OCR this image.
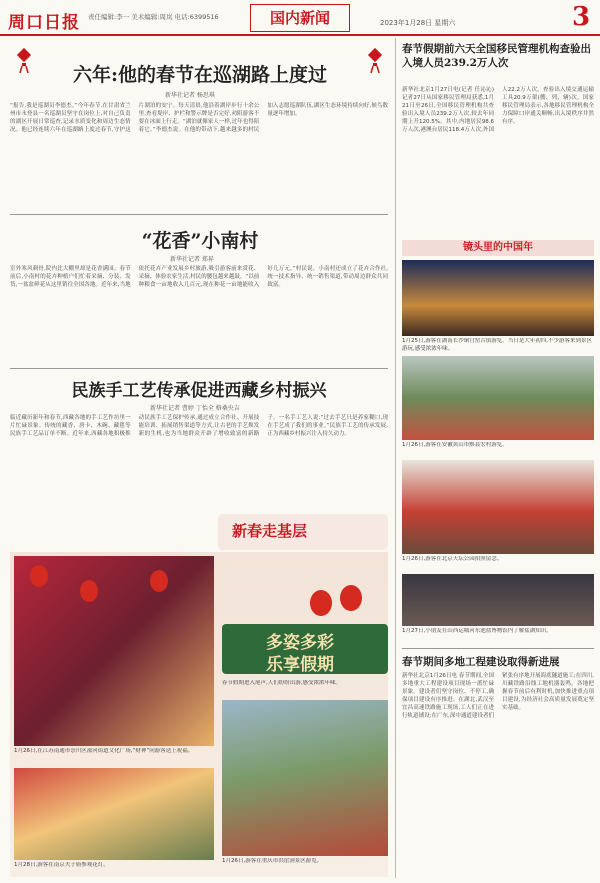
周口日报 责任编辑:李一 美术编辑:周岚 电话:6399516	国内新闻	2023年1月28日 星期六	3
六年:他的春节在巡湖路上度过
新华社记者 杨思琪
“报告,我是巡湖员李德杰。”今年春节,在甘肃省兰州市永登县一名巡湖员坚守在岗位上,对自己负责的湖区开展日常巡查,记录水质变化和周边生态情况。他已经连续六年在巡湖路上度过春节,守护这片湖泊的安宁。每天清晨,他沿着湖岸步行十余公里,查看堤岸、护栏和警示牌是否完好,劝阻游客不要在冰面上行走。“湖泊就像家人一样,过年也得陪着它。”李德杰说。在他的带动下,越来越多的村民加入志愿巡湖队伍,湖区生态环境持续向好,候鸟数量逐年增加。
“花香”小南村
新华社记者 郑昇
室外寒风刺骨,院内比大棚里却是花香满园。春节前后,小南村的花卉种植户们忙着采摘、分装、发货,一盆盆鲜花从这里销往全国各地。近年来,当地依托花卉产业发展乡村旅游,吸引游客前来赏花、采摘、体验农家生活,村民的腰包越来越鼓。“以前种粮食一亩地收入几百元,现在种花一亩地能收入好几万元。”村民说。小南村还成立了花卉合作社,统一技术指导、统一销售渠道,带动周边群众共同致富。
民族手工艺传承促进西藏乡村振兴
新华社记者 曹婷 丁怡全 格桑央吉
临近藏历新年和春节,西藏各地的手工艺作坊里一片忙碌景象。传统的藏香、唐卡、木碗、藏毯等民族手工艺品订单不断。近年来,西藏各地积极推动民族手工艺保护传承,通过成立合作社、开展技能培训、拓展销售渠道等方式,让古老的手艺焕发新的生机,也为当地群众开辟了增收致富的新路子。一名手工艺人说:“过去手艺只是养家糊口,现在手艺成了我们的事业。”民族手工艺的传承发展,正为西藏乡村振兴注入持久动力。
新春走基层
1月26日,在江苏南通市崇川区濠河街道文化广场,“财神”向游客送上祝福。
多姿多彩
乐享假期
春节假期进入尾声,人们纷纷出游,感受浓浓年味。
1月28日,游客在南京夫子庙参观花灯。
1月26日,游客在重庆市洪崖洞景区游览。
春节假期前六天全国移民管理机构查验出入境人员239.2万人次
新华社北京1月27日电(记者 任沁沁)记者27日从国家移民管理局获悉,1月21日至26日,全国移民管理机构共查验出入境人员239.2万人次,较去年同期上升120.5%。其中,内地居民98.6万人次,港澳台居民118.4万人次,外国人22.2万人次。查验出入境交通运输工具20.9万架(艘、列、辆)次。国家移民管理局表示,各地移民管理机构全力保障口岸通关顺畅,出入境秩序井然有序。
镜头里的中国年
1月25日,游客在湖南长沙铜官窑古镇游览。当日是大年初四,不少游客来到景区游玩,感受浓浓年味。
1月26日,游客在安徽黄山市黟县宏村游览。
1月26日,游客在北京天坛公园拍照留念。
1月27日,小朋友在山西运城河东池盐博物馆内了解盐湖知识。
春节期间多地工程建设取得新进展
新华社北京1月26日电 春节期间,全国多地重大工程建设项目现场一派忙碌景象。建设者们坚守岗位、不停工,确保项目建设有序推进。在湖北,武汉至宜昌高速铁路施工现场,工人们正在进行轨道铺设;在广东,深中通道建设者们紧张有序地开展海底隧道施工;在四川,川藏铁路沿线工地机器轰鸣。各地把握春节前后有利时机,加快推进重点项目建设,为经济社会高质量发展奠定坚实基础。
